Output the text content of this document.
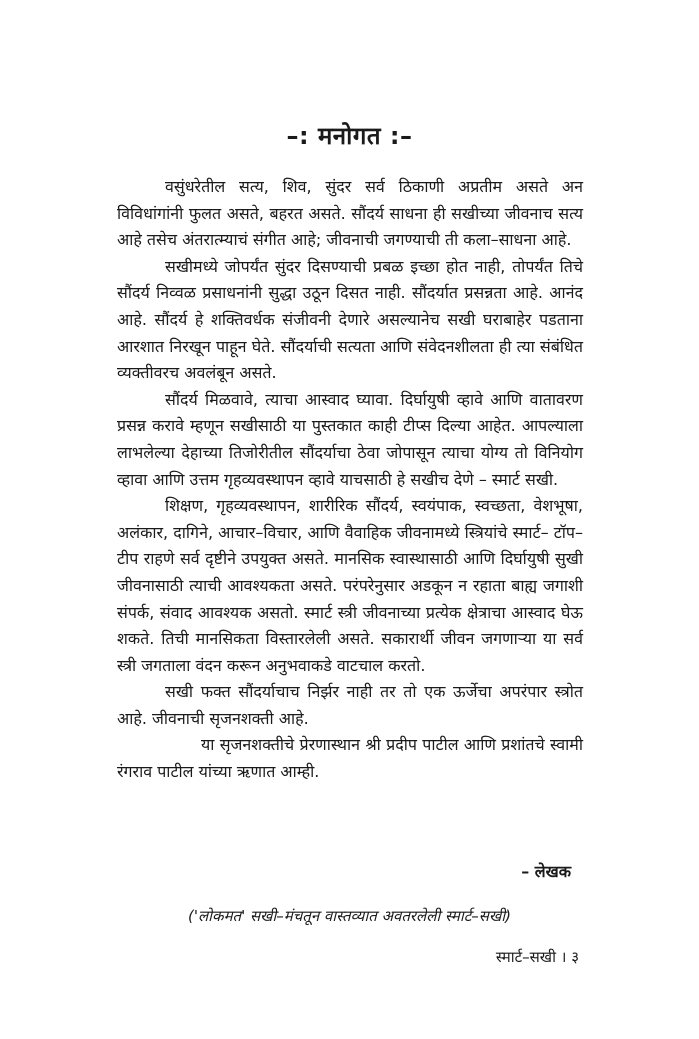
–: मनोगत :–

वसुंधरेतील सत्य, शिव, सुंदर सर्व ठिकाणी अप्रतीम असते अन विविधांगांनी फुलत असते, बहरत असते. सौंदर्य साधना ही सखीच्या जीवनाच सत्य आहे तसेच अंतरात्म्याचं संगीत आहे; जीवनाची जगण्याची ती कला–साधना आहे.

सखीमध्ये जोपर्यंत सुंदर दिसण्याची प्रबळ इच्छा होत नाही, तोपर्यंत तिचे सौंदर्य निव्वळ प्रसाधनांनी सुद्धा उठून दिसत नाही. सौंदर्यात प्रसन्नता आहे. आनंद आहे. सौंदर्य हे शक्तिवर्धक संजीवनी देणारे असल्यानेच सखी घराबाहेर पडताना आरशात निरखून पाहून घेते. सौंदर्याची सत्यता आणि संवेदनशीलता ही त्या संबंधित व्यक्तीवरच अवलंबून असते.

सौंदर्य मिळवावे, त्याचा आस्वाद घ्यावा. दिर्घायुषी व्हावे आणि वातावरण प्रसन्न करावे म्हणून सखीसाठी या पुस्तकात काही टीप्स दिल्या आहेत. आपल्याला लाभलेल्या देहाच्या तिजोरीतील सौंदर्याचा ठेवा जोपासून त्याचा योग्य तो विनियोग व्हावा आणि उत्तम गृहव्यवस्थापन व्हावे याचसाठी हे सखीच देणे – स्मार्ट सखी.

शिक्षण, गृहव्यवस्थापन, शारीरिक सौंदर्य, स्वयंपाक, स्वच्छता, वेशभूषा, अलंकार, दागिने, आचार–विचार, आणि वैवाहिक जीवनामध्ये स्त्रियांचे स्मार्ट– टॉप–टीप राहणे सर्व दृष्टीने उपयुक्त असते. मानसिक स्वास्थासाठी आणि दिर्घायुषी सुखी जीवनासाठी त्याची आवश्यकता असते. परंपरेनुसार अडकून न रहाता बाह्य जगाशी संपर्क, संवाद आवश्यक असतो. स्मार्ट स्त्री जीवनाच्या प्रत्येक क्षेत्राचा आस्वाद घेऊ शकते. तिची मानसिकता विस्तारलेली असते. सकारार्थी जीवन जगणाऱ्या या सर्व स्त्री जगताला वंदन करून अनुभवाकडे वाटचाल करतो.

सखी फक्त सौंदर्याचाच निर्झर नाही तर तो एक ऊर्जेचा अपरंपार स्त्रोत आहे. जीवनाची सृजनशक्ती आहे.

या सृजनशक्तीचे प्रेरणास्थान श्री प्रदीप पाटील आणि प्रशांतचे स्वामी रंगराव पाटील यांच्या ऋणात आम्ही.

– लेखक
('लोकमत' सखी–मंचतून वास्तव्यात अवतरलेली स्मार्ट–सखी)
स्मार्ट–सखी । ३
